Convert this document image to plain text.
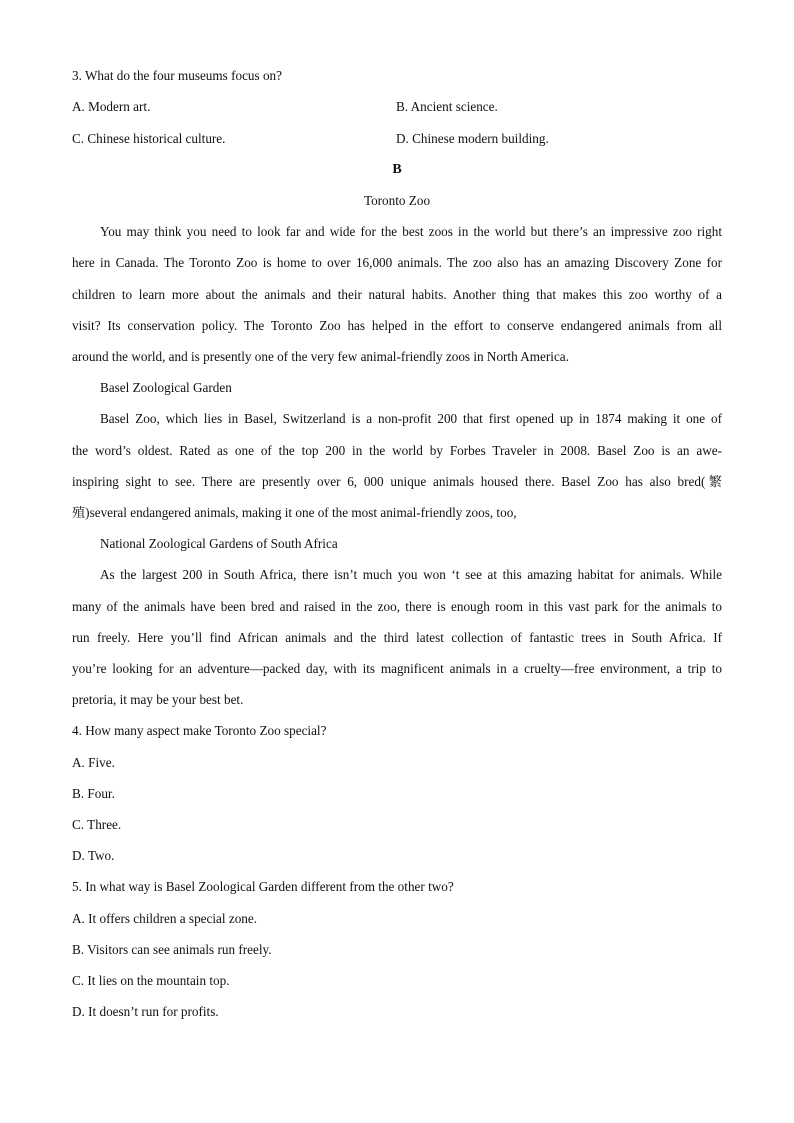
3. What do the four museums focus on?
A. Modern art.	B. Ancient science.
C. Chinese historical culture.	D. Chinese modern building.
B
Toronto Zoo
You may think you need to look far and wide for the best zoos in the world but there’s an impressive zoo right
here in Canada. The Toronto Zoo is home to over 16,000 animals. The zoo also has an amazing Discovery Zone for
children to learn more about the animals and their natural habits. Another thing that makes this zoo worthy of a
visit? Its conservation policy. The Toronto Zoo has helped in the effort to conserve endangered animals from all
around the world, and is presently one of the very few animal-friendly zoos in North America.
Basel Zoological Garden
Basel Zoo, which lies in Basel, Switzerland is a non-profit 200 that first opened up in 1874 making it one of
the word’s oldest. Rated as one of the top 200 in the world by Forbes Traveler in 2008. Basel Zoo is an awe-
inspiring sight to see. There are presently over 6, 000 unique animals housed there. Basel Zoo has also bred(繁
殖)several endangered animals, making it one of the most animal-friendly zoos, too,
National Zoological Gardens of South Africa
As the largest 200 in South Africa, there isn’t much you won ‘t see at this amazing habitat for animals. While
many of the animals have been bred and raised in the zoo, there is enough room in this vast park for the animals to
run freely. Here you’ll find African animals and the third latest collection of fantastic trees in South Africa. If
you’re looking for an adventure—packed day, with its magnificent animals in a cruelty—free environment, a trip to
pretoria, it may be your best bet.
4. How many aspect make Toronto Zoo special?
A. Five.
B. Four.
C. Three.
D. Two.
5. In what way is Basel Zoological Garden different from the other two?
A. It offers children a special zone.
B. Visitors can see animals run freely.
C. It lies on the mountain top.
D. It doesn’t run for profits.
